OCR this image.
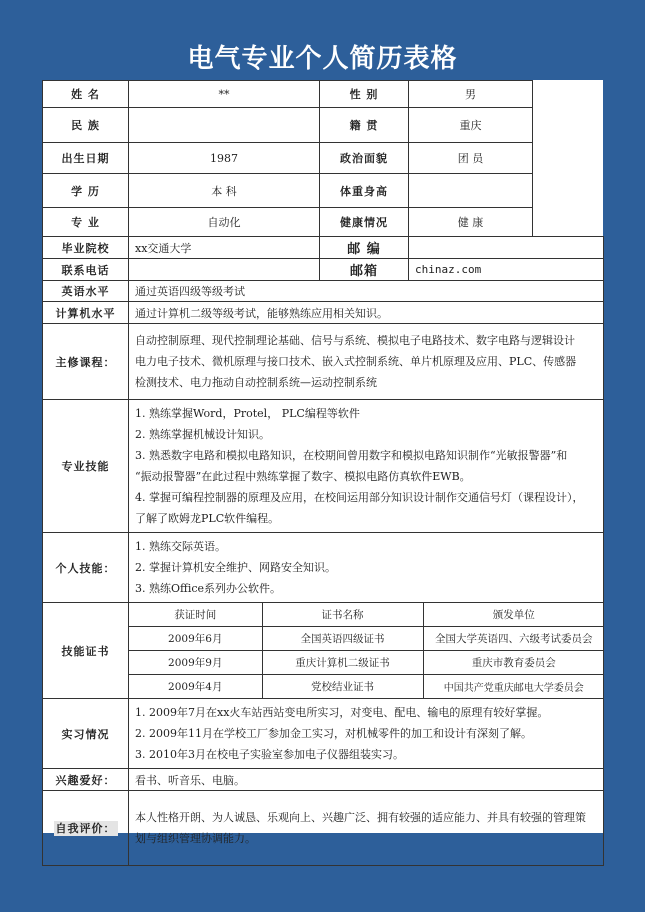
电气专业个人简历表格
姓 名	**	性 别	男	
民 族		籍 贯	重庆
出生日期	1987	政治面貌	团 员
学 历	本 科	体重身高	
专 业	自动化	健康情况	健 康
毕业院校	xx交通大学	邮 编	
联系电话		邮箱	chinaz.com
英语水平	通过英语四级等级考试
计算机水平	通过计算机二级等级考试，能够熟练应用相关知识。
主修课程：	
自动控制原理、现代控制理论基础、信号与系统、模拟电子电路技术、数字电路与逻辑设计
电力电子技术、微机原理与接口技术、嵌入式控制系统、单片机原理及应用、PLC、传感器
检测技术、电力拖动自动控制系统—运动控制系统

专业技能	
1. 熟练掌握Word，Protel， PLC编程等软件
2. 熟练掌握机械设计知识。
3. 熟悉数字电路和模拟电路知识，在校期间曾用数字和模拟电路知识制作“光敏报警器”和
“振动报警器”在此过程中熟练掌握了数字、模拟电路仿真软件EWB。
4. 掌握可编程控制器的原理及应用，在校间运用部分知识设计制作交通信号灯（课程设计），
了解了欧姆龙PLC软件编程。

个人技能：	
1. 熟练交际英语。
2. 掌握计算机安全维护、网路安全知识。
3. 熟练Office系列办公软件。

技能证书	
获证时间	证书名称	颁发单位
2009年6月	全国英语四级证书	全国大学英语四、六级考试委员会
2009年9月	重庆计算机二级证书	重庆市教育委员会
2009年4月	党校结业证书	中国共产党重庆邮电大学委员会

实习情况	
1. 2009年7月在xx火车站西站变电所实习，对变电、配电、输电的原理有较好掌握。
2. 2009年11月在学校工厂参加金工实习，对机械零件的加工和设计有深刻了解。
3. 2010年3月在校电子实验室参加电子仪器组装实习。

兴趣爱好：	看书、听音乐、电脑。
自我评价：	
本人性格开朗、为人诚恳、乐观向上、兴趣广泛、拥有较强的适应能力、并具有较强的管理策
划与组织管理协调能力。
